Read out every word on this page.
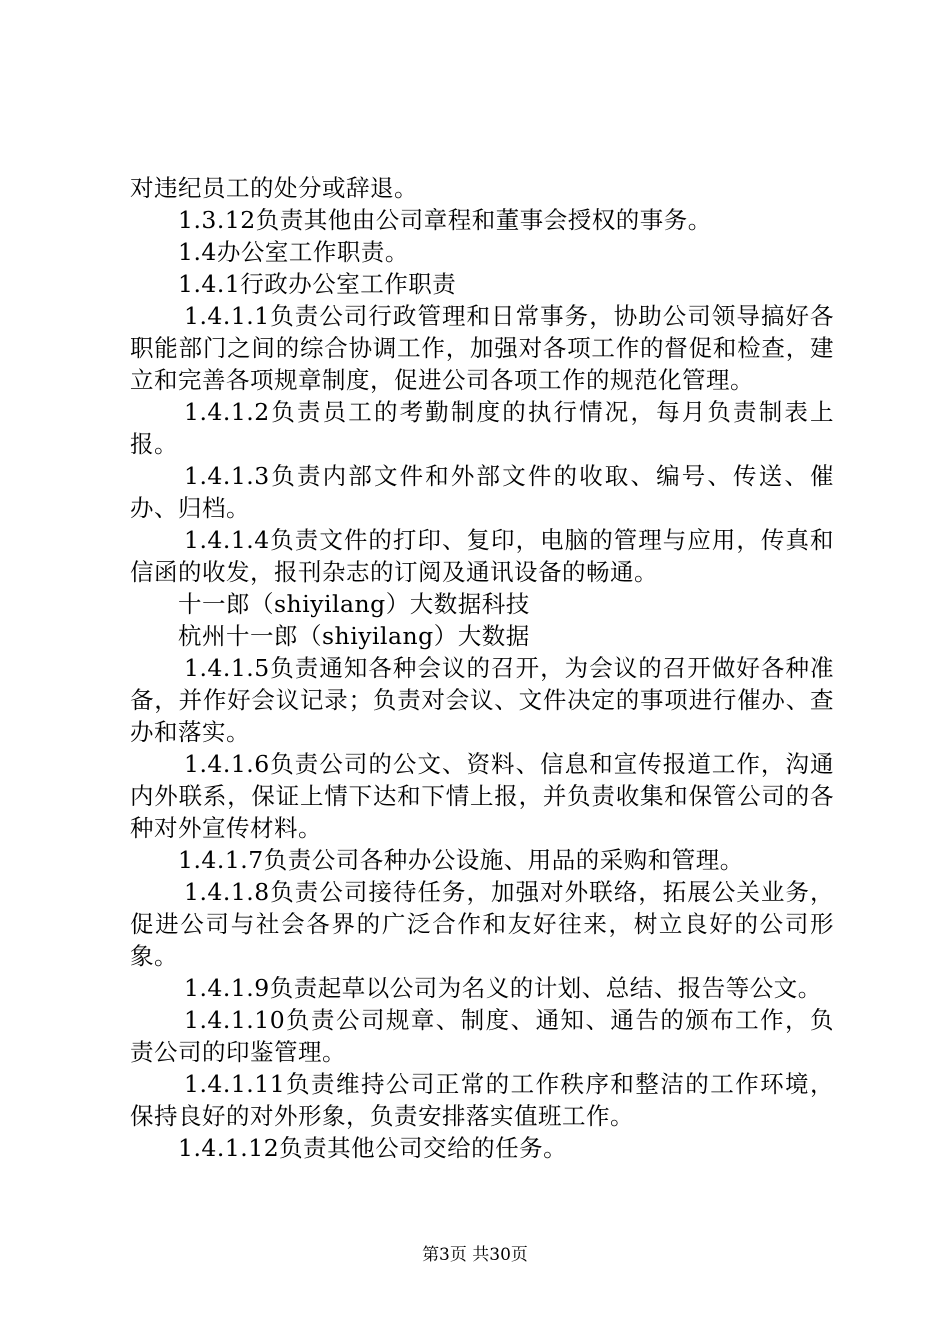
对违纪员工的处分或辞退。

1.3.12负责其他由公司章程和董事会授权的事务。

1.4办公室工作职责。

1.4.1行政办公室工作职责

1.4.1.1负责公司行政管理和日常事务，协助公司领导搞好各职能部门之间的综合协调工作，加强对各项工作的督促和检查，建立和完善各项规章制度，促进公司各项工作的规范化管理。

1.4.1.2负责员工的考勤制度的执行情况，每月负责制表上报。

1.4.1.3负责内部文件和外部文件的收取、编号、传送、催办、归档。

1.4.1.4负责文件的打印、复印，电脑的管理与应用，传真和信函的收发，报刊杂志的订阅及通讯设备的畅通。

十一郎（shiyilang）大数据科技

杭州十一郎（shiyilang）大数据

1.4.1.5负责通知各种会议的召开，为会议的召开做好各种准备，并作好会议记录；负责对会议、文件决定的事项进行催办、查办和落实。

1.4.1.6负责公司的公文、资料、信息和宣传报道工作，沟通内外联系，保证上情下达和下情上报，并负责收集和保管公司的各种对外宣传材料。

1.4.1.7负责公司各种办公设施、用品的采购和管理。

1.4.1.8负责公司接待任务，加强对外联络，拓展公关业务，促进公司与社会各界的广泛合作和友好往来，树立良好的公司形象。

1.4.1.9负责起草以公司为名义的计划、总结、报告等公文。

1.4.1.10负责公司规章、制度、通知、通告的颁布工作，负责公司的印鉴管理。

1.4.1.11负责维持公司正常的工作秩序和整洁的工作环境，保持良好的对外形象，负责安排落实值班工作。

1.4.1.12负责其他公司交给的任务。

第3页 共30页
